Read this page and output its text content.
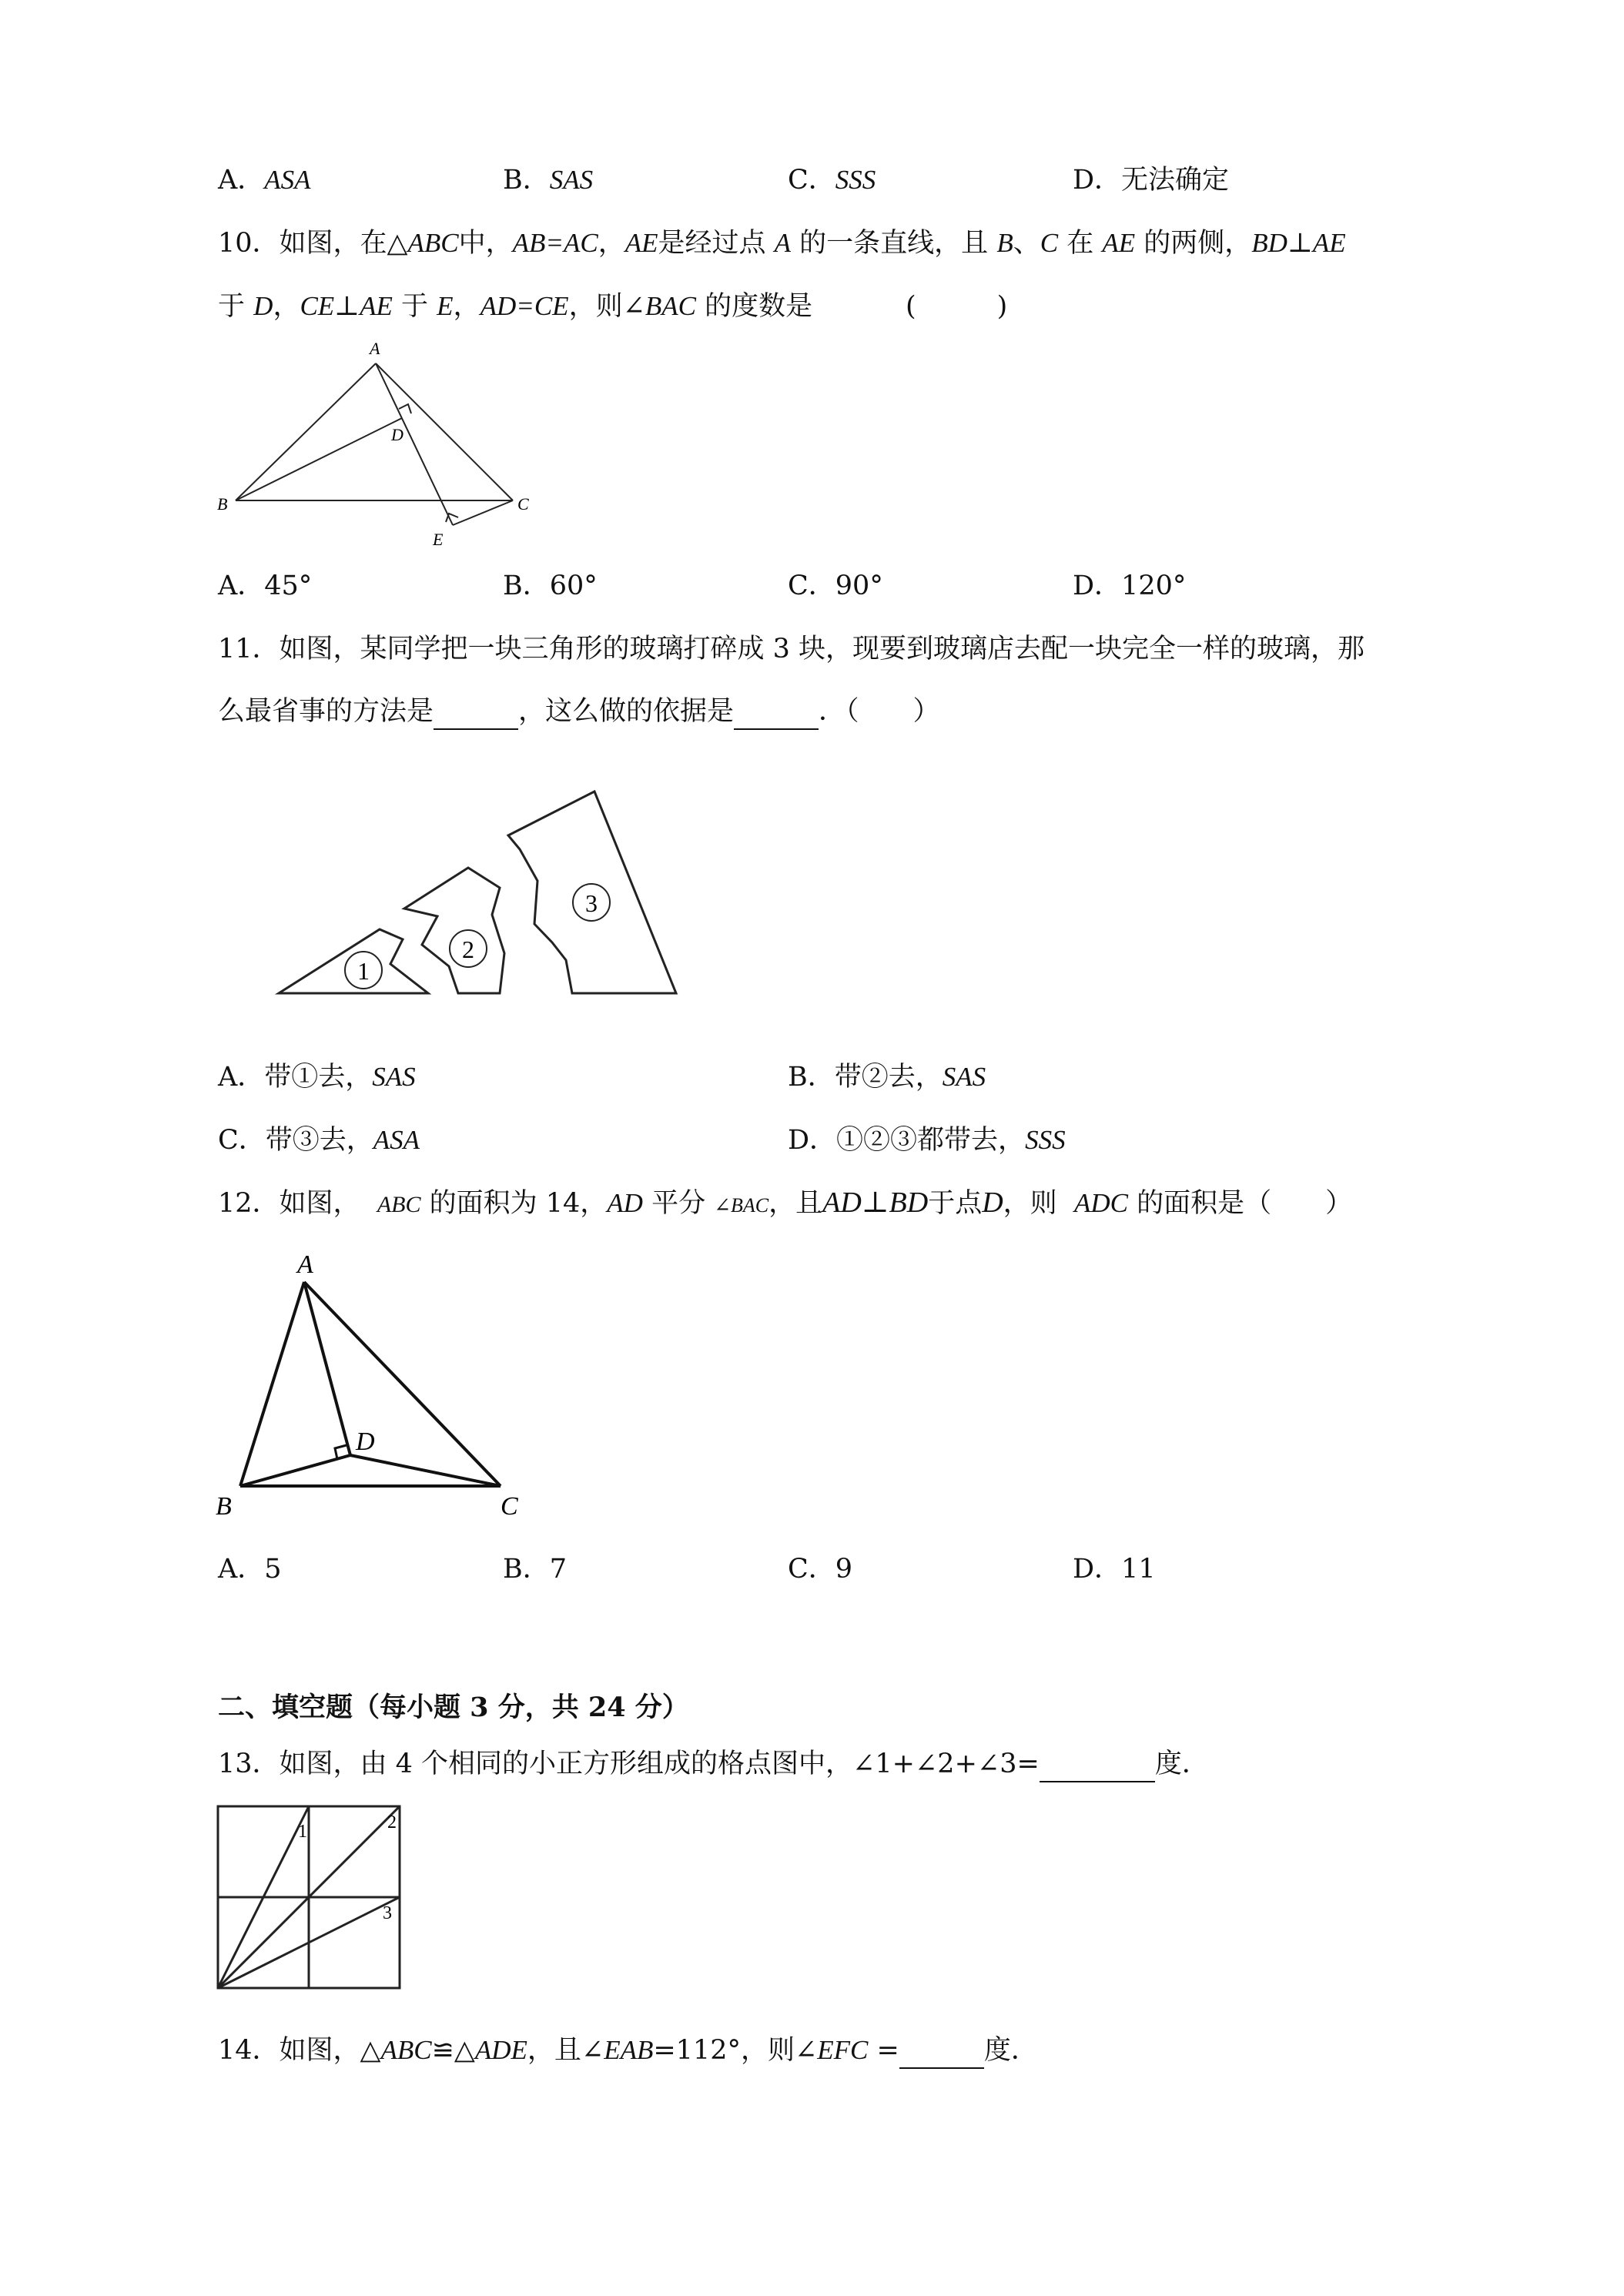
A．ASA	B．SAS	C．SSS	D．无法确定
10．如图，在△ABC中，AB=AC，AE是经过点 A 的一条直线，且 B、C 在 AE 的两侧，BD⊥AE
于 D，CE⊥AE 于 E，AD=CE，则∠BAC 的度数是	(　　　)
A
B	C
D
E
A．45°	B．60°	C．90°	D．120°
11．如图，某同学把一块三角形的玻璃打碎成 3 块，现要到玻璃店去配一块完全一样的玻璃，那
么最省事的方法是	，这么做的依据是	．（　　）
1
2
3
A．带①去，SAS	B．带②去，SAS
C．带③去，ASA	D．①②③都带去，SSS
12．如图， ABC 的面积为 14，AD 平分 ∠BAC，且AD⊥BD于点D，则 ADC 的面积是（　　）
A
B	C
D
A．5	B．7	C．9	D．11
二、填空题（每小题 3 分，共 24 分）
13．如图，由 4 个相同的小正方形组成的格点图中，∠1+∠2+∠3=	度．
1	2
3
14．如图，△ABC≌△ADE，且∠EAB=112°，则∠EFC =	度．
